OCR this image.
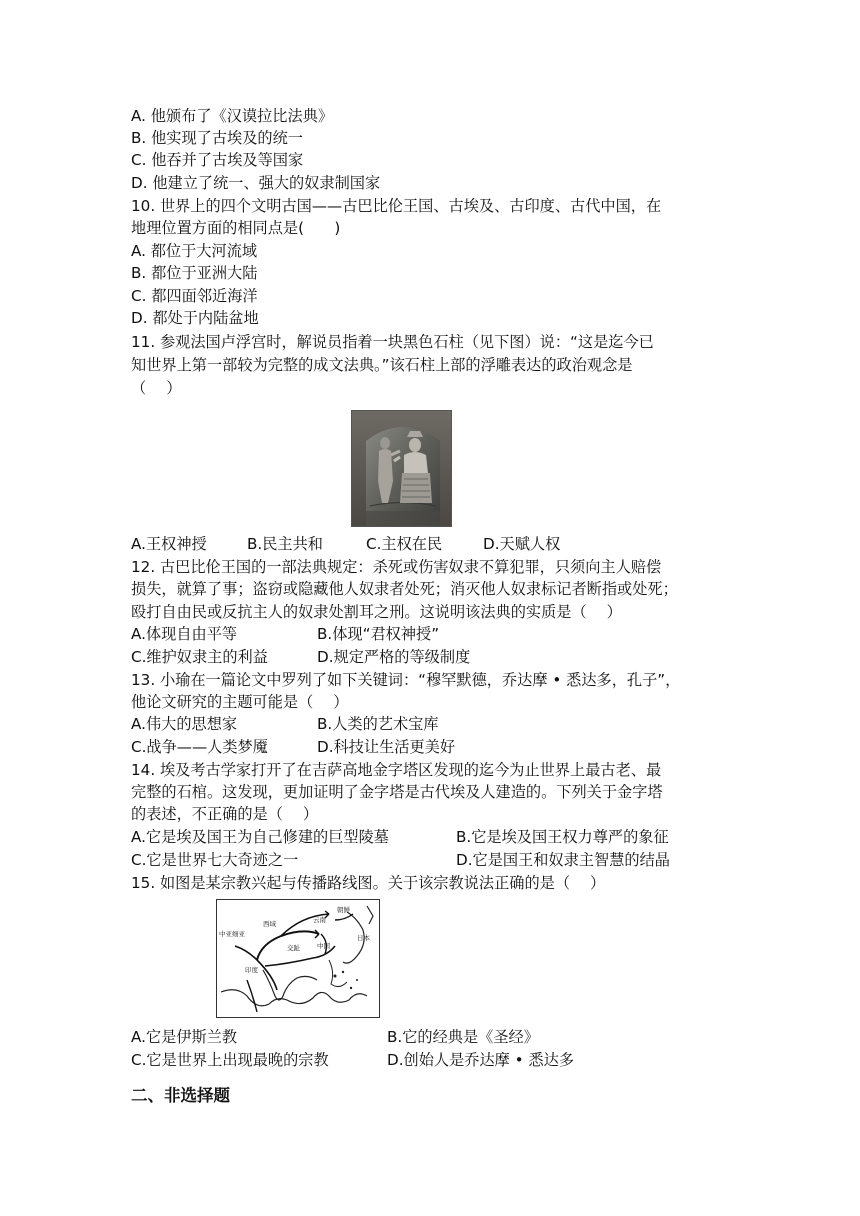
A. 他颁布了《汉谟拉比法典》
B. 他实现了古埃及的统一
C. 他吞并了古埃及等国家
D. 他建立了统一、强大的奴隶制国家
10. 世界上的四个文明古国——古巴比伦王国、古埃及、古印度、古代中国，在
地理位置方面的相同点是(　　)
A. 都位于大河流域
B. 都位于亚洲大陆
C. 都四面邻近海洋
D. 都处于内陆盆地
11. 参观法国卢浮宫时，解说员指着一块黑色石柱（见下图）说：“这是迄今已
知世界上第一部较为完整的成文法典。”该石柱上部的浮雕表达的政治观念是
（　 ）
A.王权神授	B.民主共和	C.主权在民	D.天赋人权
12. 古巴比伦王国的一部法典规定：杀死或伤害奴隶不算犯罪，只须向主人赔偿
损失，就算了事；盗窃或隐藏他人奴隶者处死；消灭他人奴隶标记者断指或处死；
殴打自由民或反抗主人的奴隶处割耳之刑。这说明该法典的实质是（　 ）
A.体现自由平等	B.体现“君权神授”
C.维护奴隶主的利益	D.规定严格的等级制度
13. 小瑜在一篇论文中罗列了如下关键词：“穆罕默德，乔达摩 • 悉达多，孔子”，
他论文研究的主题可能是（　 ）
A.伟大的思想家	B.人类的艺术宝库
C.战争——人类梦魇	D.科技让生活更美好
14. 埃及考古学家打开了在吉萨高地金字塔区发现的迄今为止世界上最古老、最
完整的石棺。这发现，更加证明了金字塔是古代埃及人建造的。下列关于金字塔
的表述，不正确的是（　 ）
A.它是埃及国王为自己修建的巨型陵墓	B.它是埃及国王权力尊严的象征
C.它是世界七大奇迹之一	D.它是国王和奴隶主智慧的结晶
15. 如图是某宗教兴起与传播路线图。关于该宗教说法正确的是（　 ）
中亚细亚
西域
中国
印度
朝鲜
日本
云南
交趾
A.它是伊斯兰教	B.它的经典是《圣经》
C.它是世界上出现最晚的宗教	D.创始人是乔达摩 • 悉达多
二、非选择题
